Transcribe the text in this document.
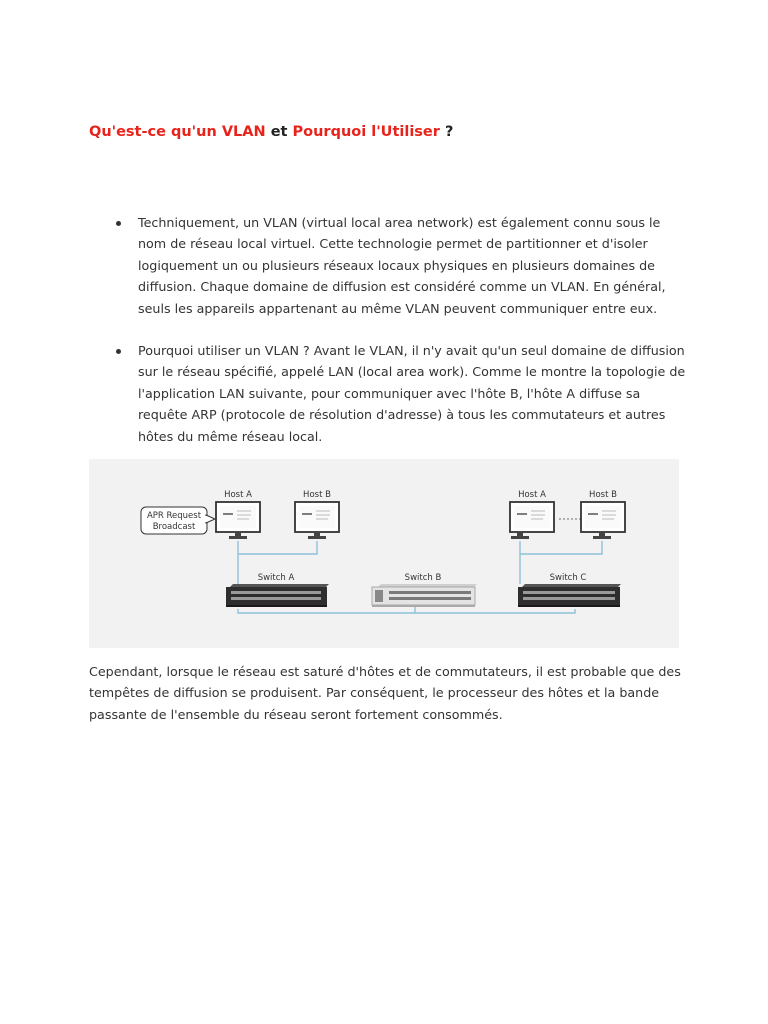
Qu'est-ce qu'un VLAN et Pourquoi l'Utiliser ?
Techniquement, un VLAN (virtual local area network) est également connu sous le nom de réseau local virtuel. Cette technologie permet de partitionner et d'isoler logiquement un ou plusieurs réseaux locaux physiques en plusieurs domaines de diffusion. Chaque domaine de diffusion est considéré comme un VLAN. En général, seuls les appareils appartenant au même VLAN peuvent communiquer entre eux.
Pourquoi utiliser un VLAN ? Avant le VLAN, il n'y avait qu'un seul domaine de diffusion sur le réseau spécifié, appelé LAN (local area work). Comme le montre la topologie de l'application LAN suivante, pour communiquer avec l'hôte B, l'hôte A diffuse sa requête ARP (protocole de résolution d'adresse) à tous les commutateurs et autres hôtes du même réseau local.
APR Request
Broadcast
Host A	Host B	Host A	Host B
Switch A	Switch B	Switch C

Cependant, lorsque le réseau est saturé d'hôtes et de commutateurs, il est probable que des tempêtes de diffusion se produisent. Par conséquent, le processeur des hôtes et la bande passante de l'ensemble du réseau seront fortement consommés.
